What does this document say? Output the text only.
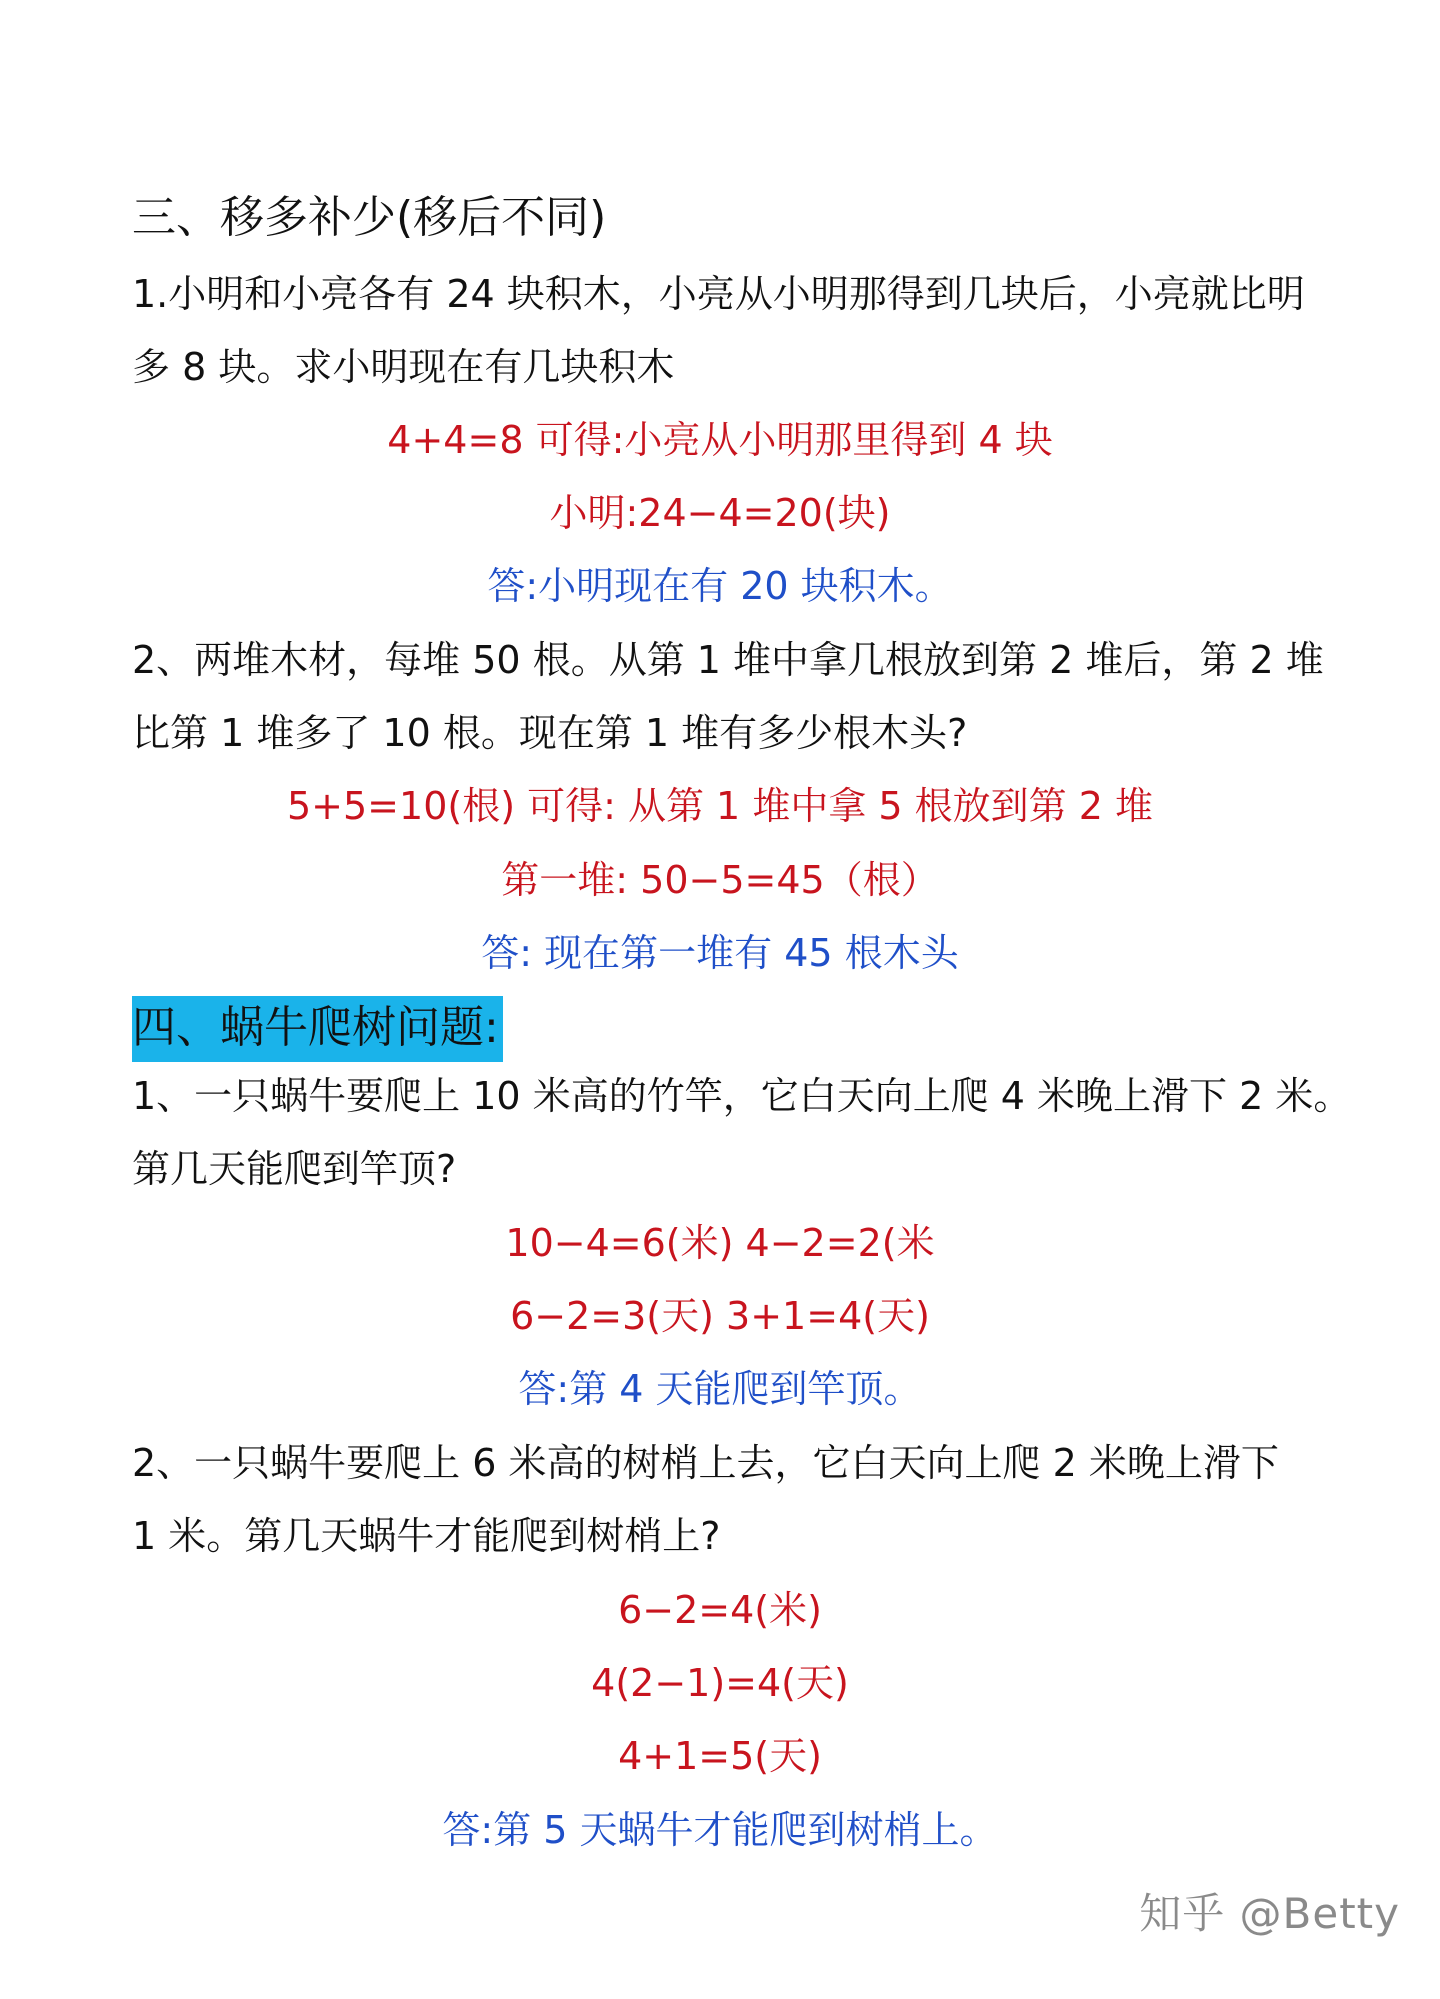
三、移多补少(移后不同)
1.小明和小亮各有 24 块积木，小亮从小明那得到几块后，小亮就比明
多 8 块。求小明现在有几块积木
4+4=8 可得:小亮从小明那里得到 4 块
小明:24−4=20(块)
答:小明现在有 20 块积木。
2、两堆木材，每堆 50 根。从第 1 堆中拿几根放到第 2 堆后，第 2 堆
比第 1 堆多了 10 根。现在第 1 堆有多少根木头?
5+5=10(根) 可得: 从第 1 堆中拿 5 根放到第 2 堆
第一堆: 50−5=45（根）
答: 现在第一堆有 45 根木头
四、蜗牛爬树问题:
1、一只蜗牛要爬上 10 米高的竹竿，它白天向上爬 4 米晚上滑下 2 米。
第几天能爬到竿顶?
10−4=6(米) 4−2=2(米
6−2=3(天) 3+1=4(天)
答:第 4 天能爬到竿顶。
2、一只蜗牛要爬上 6 米高的树梢上去，它白天向上爬 2 米晚上滑下
1 米。第几天蜗牛才能爬到树梢上?
6−2=4(米)
4(2−1)=4(天)
4+1=5(天)
答:第 5 天蜗牛才能爬到树梢上。
知乎 @Betty
